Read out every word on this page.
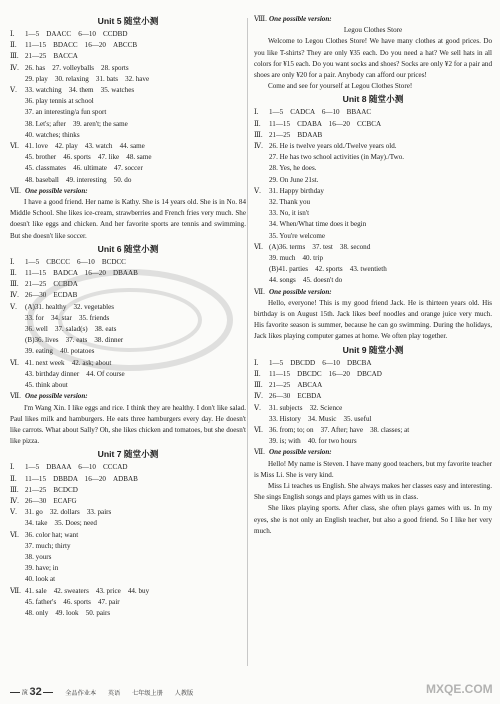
Unit 5 随堂小测
Ⅰ. 1—5　DAACC　6—10　CCDBD
Ⅱ. 11—15　BDACC　16—20　ABCCB
Ⅲ. 21—25　BACCA
Ⅳ. 26. has　27. volleyballs　28. sports
29. play　30. relaxing　31. bats　32. have
Ⅴ. 33. watching　34. them　35. watches
36. play tennis at school
37. an interesting/a fun sport
38. Let's; after　39. aren't; the same
40. watches; thinks
Ⅵ. 41. love　42. play　43. watch　44. same
45. brother　46. sports　47. like　48. same
45. classmates　46. ultimate　47. soccer
48. baseball　49. interesting　50. do
Ⅶ. One possible version:
I have a good friend. Her name is Kathy. She is 14 years old. She is in No. 84 Middle School. She likes ice-cream, strawberries and French fries very much. She doesn't like eggs and chicken. And her favorite sports are tennis and swimming. But she doesn't like soccer.
Unit 6 随堂小测
Ⅰ. 1—5　CBCCC　6—10　BCDCC
Ⅱ. 11—15　BADCA　16—20　DBAAB
Ⅲ. 21—25　CCBDA
Ⅳ. 26—30　ECDAB
Ⅴ. (A)31. healthy　32. vegetables
33. for　34. star　35. friends
36. well　37. salad(s)　38. eats
(B)36. lives　37. eats　38. dinner
39. eating　40. potatoes
Ⅵ. 41. next week　42. ask; about
43. birthday dinner　44. Of course
45. think about
Ⅶ. One possible version:
I'm Wang Xin. I like eggs and rice. I think they are healthy. I don't like salad. Paul likes milk and hamburgers. He eats three hamburgers every day. He doesn't like carrots. What about Sally? Oh, she likes chicken and tomatoes, but she doesn't like pizza.
Unit 7 随堂小测
Ⅰ. 1—5　DBAAA　6—10　CCCAD
Ⅱ. 11—15　DBBDA　16—20　ADBAB
Ⅲ. 21—25　BCDCD
Ⅳ. 26—30　ECAFG
Ⅴ. 31. go　32. dollars　33. pairs
34. take　35. Does; need
Ⅵ. 36. color hat; want
37. much; thirty
38. yours
39. have; in
40. look at
Ⅶ. 41. sale　42. sweaters　43. price　44. buy
45. father's　46. sports　47. pair
48. only　49. look　50. pairs
Ⅷ. One possible version:
Legou Clothes Store
Welcome to Legou Clothes Store! We have many clothes at good prices. Do you like T-shirts? They are only ¥35 each. Do you need a hat? We sell hats in all colors for ¥15 each. Do you want socks and shoes? Socks are only ¥2 for a pair and shoes are only ¥20 for a pair. Anybody can afford our prices!
Come and see for yourself at Legou Clothes Store!
Unit 8 随堂小测
Ⅰ. 1—5　CADCA　6—10　BBAAC
Ⅱ. 11—15　CDABA　16—20　CCBCA
Ⅲ. 21—25　BDAAB
Ⅳ. 26. He is twelve years old./Twelve years old.
27. He has two school activities (in May)./Two.
28. Yes, he does.
29. On June 21st.
Ⅴ. 31. Happy birthday
32. Thank you
33. No, it isn't
34. When/What time does it begin
35. You're welcome
Ⅵ. (A)36. terms　37. test　38. second
39. much　40. trip
(B)41. parties　42. sports　43. twentieth
44. songs　45. doesn't do
Ⅶ. One possible version:
Hello, everyone! This is my good friend Jack. He is thirteen years old. His birthday is on August 15th. Jack likes beef noodles and orange juice very much. His favorite season is summer, because he can go swimming. During the holidays, Jack likes playing computer games at home. We often play together.
Unit 9 随堂小测
Ⅰ. 1—5　DBCDD　6—10　DBCBA
Ⅱ. 11—15　DBCDC　16—20　DBCAD
Ⅲ. 21—25　ABCAA
Ⅳ. 26—30　ECBDA
Ⅴ. 31. subjects　32. Science
33. History　34. Music　35. useful
Ⅵ. 36. from; to; on　37. After; have　38. classes; at
39. is; with　40. for two hours
Ⅶ. One possible version:
Hello! My name is Steven. I have many good teachers, but my favorite teacher is Miss Li. She is very kind.
Miss Li teaches us English. She always makes her classes easy and interesting. She sings English songs and plays games with us in class.
She likes playing sports. After class, she often plays games with us. In my eyes, she is not only an English teacher, but also a good friend. So I like her very much.
演 32	全品作业本 英语 七年级上册 人教版	MXQE.COM
